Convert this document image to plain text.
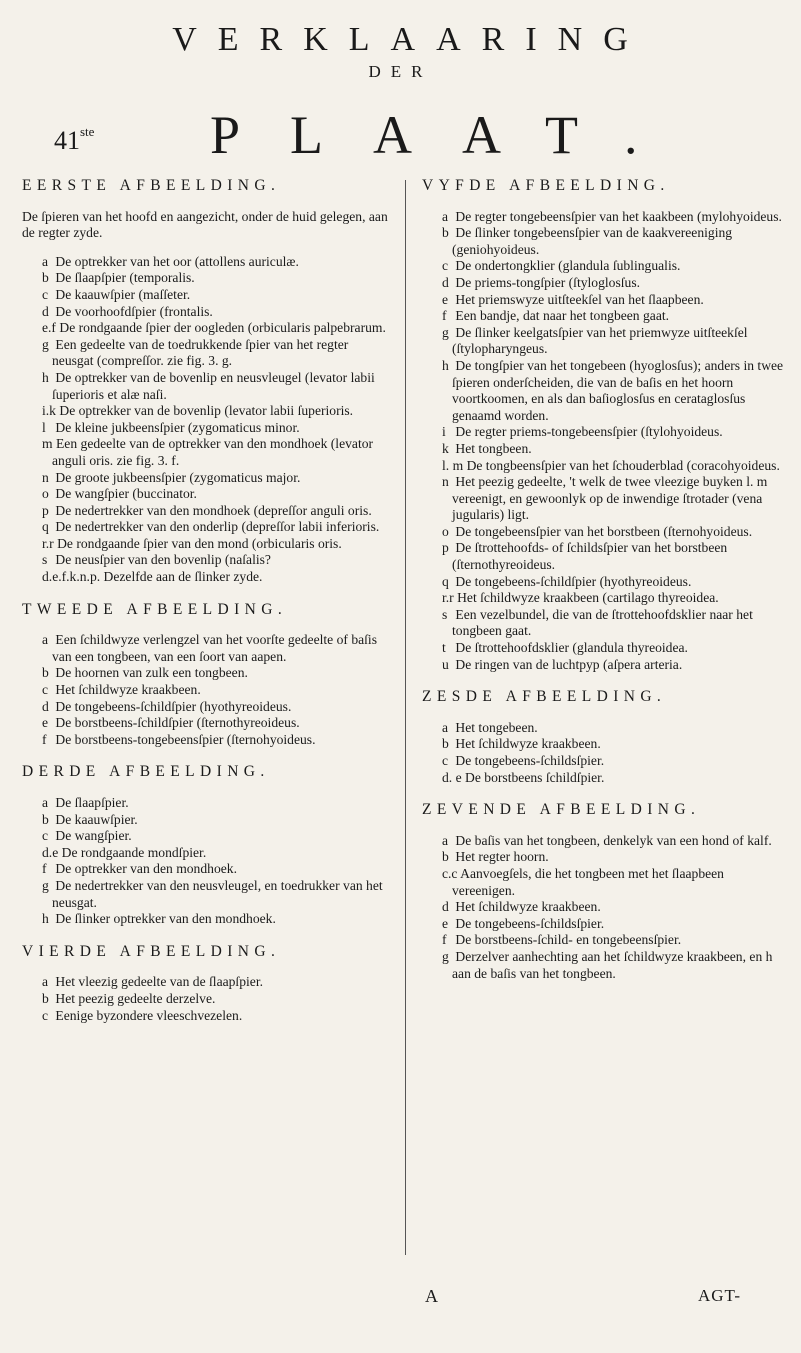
VERKLAARING
DER
41ste PLAAT.
EERSTE AFBEELDING.
De ſpieren van het hoofd en aangezicht, onder de huid gelegen, aan de regter zyde.
a De optrekker van het oor (attollens auriculæ.
b De ſlaapſpier (temporalis.
c De kaauwſpier (maſſeter.
d De voorhoofdſpier (frontalis.
e.f De rondgaande ſpier der oogleden (orbicularis palpebrarum.
g Een gedeelte van de toedrukkende ſpier van het regter neusgat (compreſſor. zie fig. 3. g.
h De optrekker van de bovenlip en neusvleugel (levator labii ſuperioris et alæ naſi.
i.k De optrekker van de bovenlip (levator labii ſuperioris.
l De kleine jukbeensſpier (zygomaticus minor.
m Een gedeelte van de optrekker van den mondhoek (levator anguli oris. zie fig. 3. f.
n De groote jukbeensſpier (zygomaticus major.
o De wangſpier (buccinator.
p De nedertrekker van den mondhoek (depreſſor anguli oris.
q De nedertrekker van den onderlip (depreſſor labii inferioris.
r.r De rondgaande ſpier van den mond (orbicularis oris.
s De neusſpier van den bovenlip (naſalis?
d.e.f.k.n.p. Dezelfde aan de ſlinker zyde.
TWEEDE AFBEELDING.
a Een ſchildwyze verlengzel van het voorſte gedeelte of baſis van een tongbeen, van een ſoort van aapen.
b De hoornen van zulk een tongbeen.
c Het ſchildwyze kraakbeen.
d De tongebeens-ſchildſpier (hyothyreoideus.
e De borstbeens-ſchildſpier (ſternothyreoideus.
f De borstbeens-tongebeensſpier (ſternohyoideus.
DERDE AFBEELDING.
a De ſlaapſpier.
b De kaauwſpier.
c De wangſpier.
d.e De rondgaande mondſpier.
f De optrekker van den mondhoek.
g De nedertrekker van den neusvleugel, en toedrukker van het neusgat.
h De ſlinker optrekker van den mondhoek.
VIERDE AFBEELDING.
a Het vleezig gedeelte van de ſlaapſpier.
b Het peezig gedeelte derzelve.
c Eenige byzondere vleeschvezelen.
VYFDE AFBEELDING.
a De regter tongebeensſpier van het kaakbeen (mylohyoideus.
b De ſlinker tongebeensſpier van de kaakvereeniging (geniohyoideus.
c De ondertongklier (glandula ſublingualis.
d De priems-tongſpier (ſtyloglosſus.
e Het priemswyze uitſteekſel van het ſlaapbeen.
f Een bandje, dat naar het tongbeen gaat.
g De ſlinker keelgatsſpier van het priemwyze uitſteekſel (ſtylopharyngeus.
h De tongſpier van het tongebeen (hyoglosſus); anders in twee ſpieren onderſcheiden, die van de baſis en het hoorn voortkoomen, en als dan baſioglosſus en cerataglosſus genaamd worden.
i De regter priems-tongebeensſpier (ſtylohyoideus.
k Het tongbeen.
l. m De tongbeensſpier van het ſchouderblad (coracohyoideus.
n Het peezig gedeelte, 't welk de twee vleezige buyken l. m vereenigt, en gewoonlyk op de inwendige ſtrotader (vena jugularis) ligt.
o De tongebeensſpier van het borstbeen (ſternohyoideus.
p De ſtrottehoofds- of ſchildsſpier van het borstbeen (ſternothyreoideus.
q De tongebeens-ſchildſpier (hyothyreoideus.
r.r Het ſchildwyze kraakbeen (cartilago thyreoidea.
s Een vezelbundel, die van de ſtrottehoofdsklier naar het tongbeen gaat.
t De ſtrottehoofdsklier (glandula thyreoidea.
u De ringen van de luchtpyp (aſpera arteria.
ZESDE AFBEELDING.
a Het tongebeen.
b Het ſchildwyze kraakbeen.
c De tongebeens-ſchildsſpier.
d. e De borstbeens ſchildſpier.
ZEVENDE AFBEELDING.
a De baſis van het tongbeen, denkelyk van een hond of kalf.
b Het regter hoorn.
c.c Aanvoegſels, die het tongbeen met het ſlaapbeen vereenigen.
d Het ſchildwyze kraakbeen.
e De tongebeens-ſchildsſpier.
f De borstbeens-ſchild- en tongebeensſpier.
g Derzelver aanhechting aan het ſchildwyze kraakbeen, en h aan de baſis van het tongbeen.
A	AGT-
